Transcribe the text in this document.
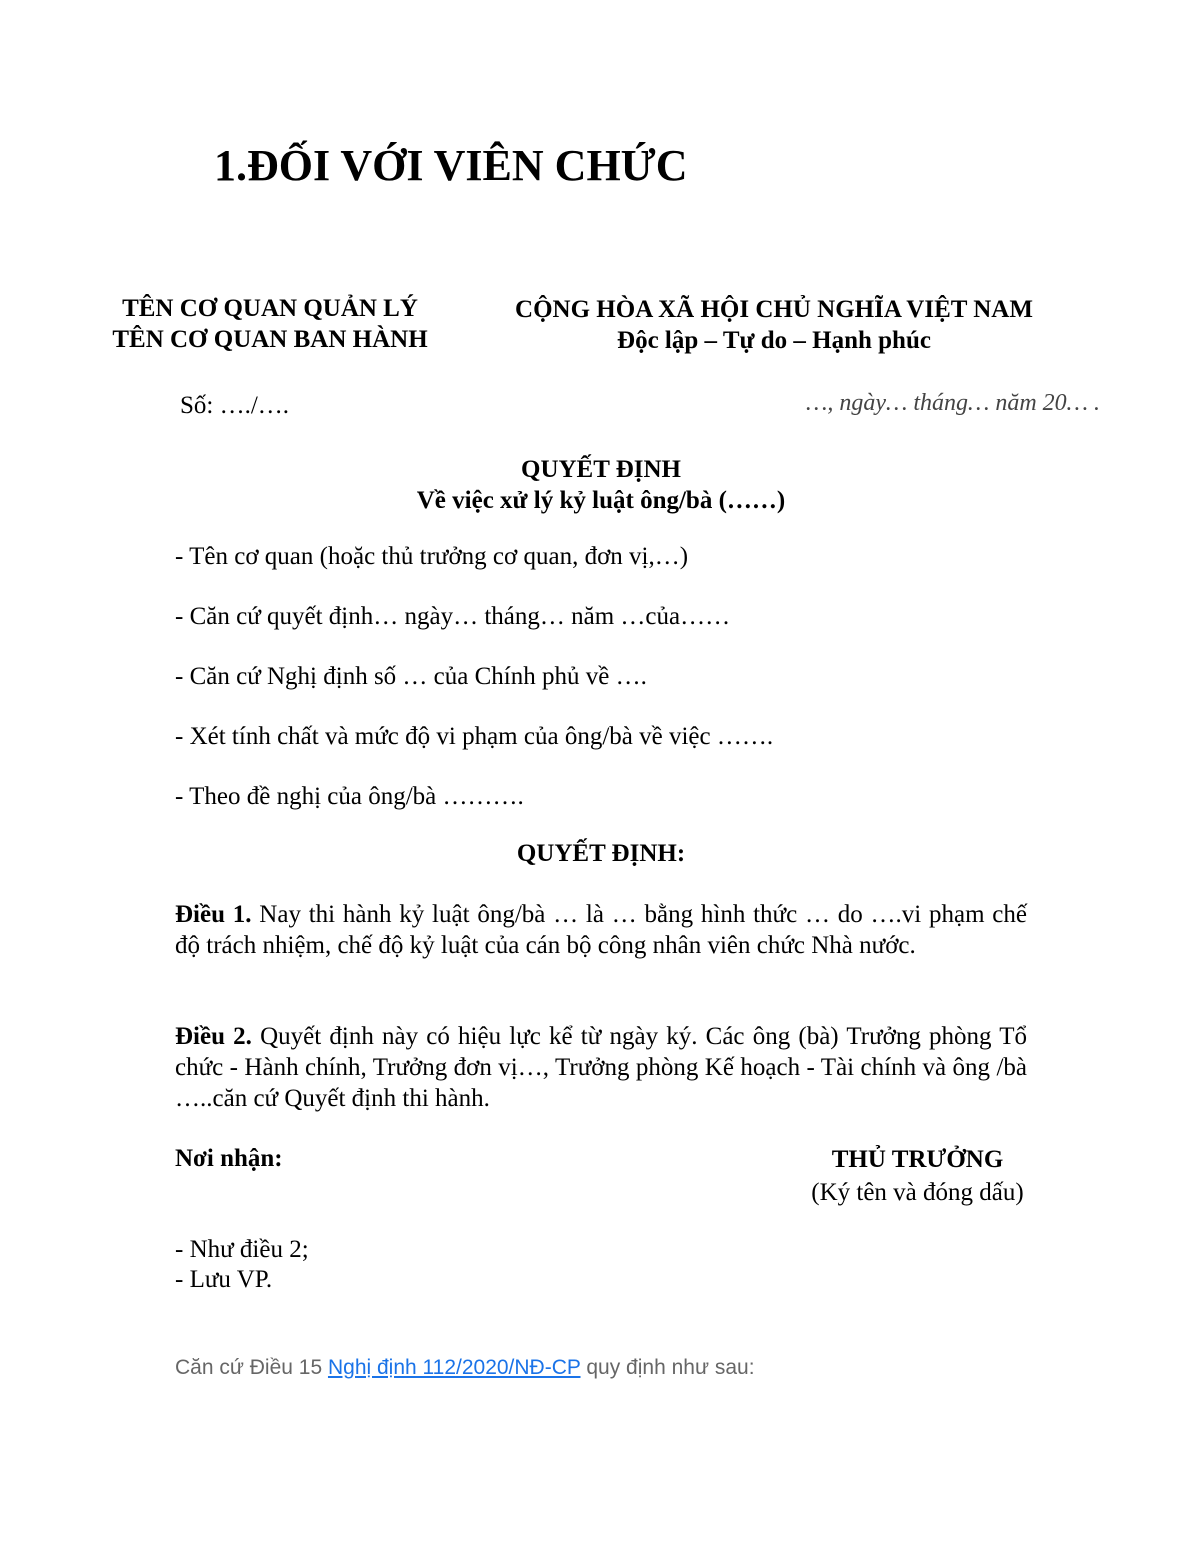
1.ĐỐI VỚI VIÊN CHỨC
TÊN CƠ QUAN QUẢN LÝ
TÊN CƠ QUAN BAN HÀNH
Số: …./….
CỘNG HÒA XÃ HỘI CHỦ NGHĨA VIỆT NAM
Độc lập – Tự do – Hạnh phúc
…, ngày… tháng… năm 20… .
QUYẾT ĐỊNH
Về việc xử lý kỷ luật ông/bà (……)
- Tên cơ quan (hoặc thủ trưởng cơ quan, đơn vị,…)
- Căn cứ quyết định… ngày… tháng… năm …của……
- Căn cứ Nghị định số … của Chính phủ về ….
- Xét tính chất và mức độ vi phạm của ông/bà về việc …….
- Theo đề nghị của ông/bà ……….
QUYẾT ĐỊNH:
Điều 1. Nay thi hành kỷ luật ông/bà … là … bằng hình thức … do ….vi phạm chế độ trách nhiệm, chế độ kỷ luật của cán bộ công nhân viên chức Nhà nước.
Điều 2. Quyết định này có hiệu lực kể từ ngày ký. Các ông (bà) Trưởng phòng Tổ chức - Hành chính, Trưởng đơn vị…, Trưởng phòng Kế hoạch - Tài chính và ông /bà …..căn cứ Quyết định thi hành.
Nơi nhận:	THỦ TRƯỞNG
(Ký tên và đóng dấu)
- Như điều 2;
- Lưu VP.
Căn cứ Điều 15 Nghị định 112/2020/NĐ-CP quy định như sau:
